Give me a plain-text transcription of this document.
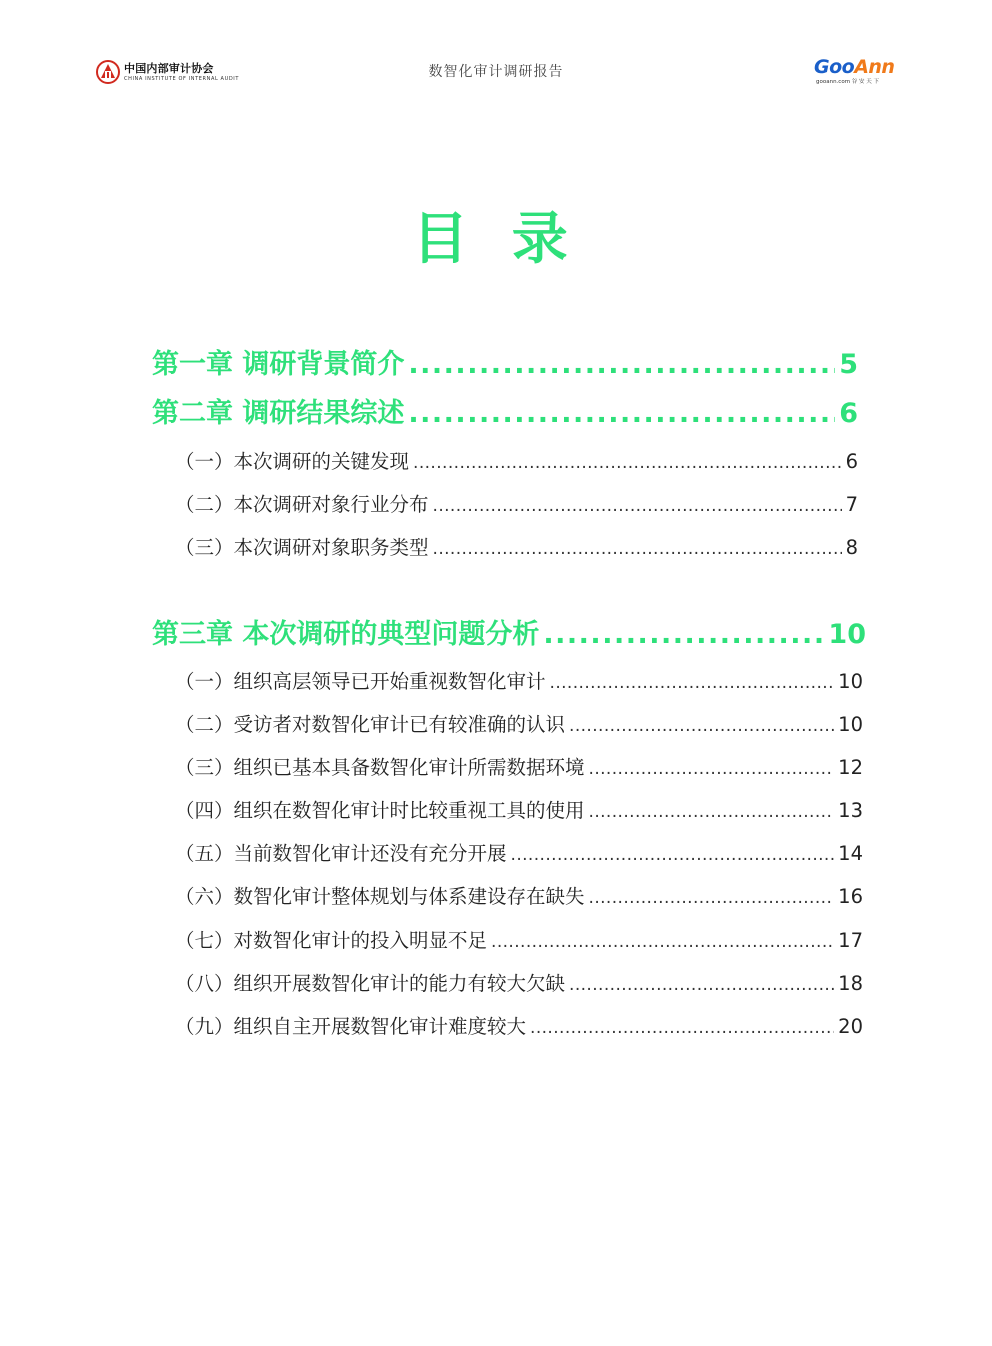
中国内部审计协会
CHINA INSTITUTE OF INTERNAL AUDIT	数智化审计调研报告	GooAnn
gooann.com 谷 安 天 下
目 录
第一章 调研背景简介 .....	5
第二章 调研结果综述 .....	6
（一）本次调研的关键发现 .....	6
（二）本次调研对象行业分布 .....	7
（三）本次调研对象职务类型 .....	8
第三章 本次调研的典型问题分析 .....	10
（一）组织高层领导已开始重视数智化审计 .....	10
（二）受访者对数智化审计已有较准确的认识 .....	10
（三）组织已基本具备数智化审计所需数据环境 .....	12
（四）组织在数智化审计时比较重视工具的使用 .....	13
（五）当前数智化审计还没有充分开展 .....	14
（六）数智化审计整体规划与体系建设存在缺失 .....	16
（七）对数智化审计的投入明显不足 .....	17
（八）组织开展数智化审计的能力有较大欠缺 .....	18
（九）组织自主开展数智化审计难度较大 .....	20
